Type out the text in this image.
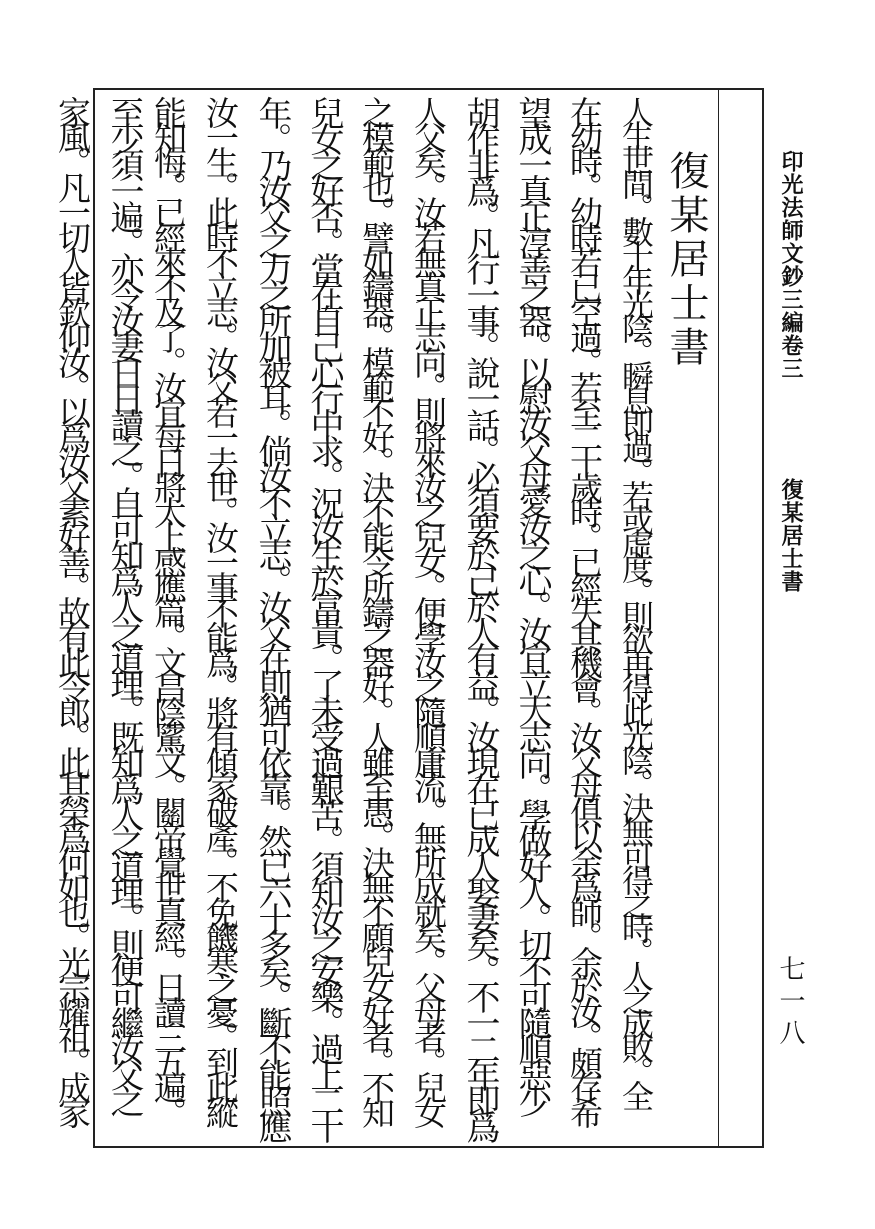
印光法師文鈔三編卷三
復某居士書
七一八
復某居士書
人生世間。數十年光陰。瞬息即過。若或虛度。則欲再得此光陰。決無可得之時。人之成敗。全
在幼時。幼時若已空過。若至二十歲時。已經失其機會。汝父母俱以余爲師。余於汝。頗存希
望成一真正淳善之器。以慰汝父母愛汝之心。汝宜立大志向。學做好人。切不可隨順惡少
胡作非爲。凡行一事。說一話。必須要於己於人有益。汝現在已成人娶妻矣。不一二年即爲
人父矣。汝若無真正志向。則將來汝之兒女。便學汝之隨順庸流。無所成就矣。父母者。兒女
之模範也。譬如鑄器。模範不好。決不能令所鑄之器好。人雖至愚。決無不願兒女好者。不知
兒女之好否。當在自己心行中求。況汝生於富貴。了未受過艱苦。須知汝之安樂。過上二十
年。乃汝父之力之所加被耳。倘汝不立志。汝父在則猶可依靠。然已六十多矣。斷不能照應
汝一生。此時不立志。汝父若一去世。汝一事不能爲。將有傾家破產。不免饑寒之憂。到此縱
能知悔。已經來不及了。汝宜每日將太上感應篇。文昌陰騭文。關帝覺世真經。日讀三五遍。
至少須一遍。亦令汝妻日日讀之。自可知爲人之道理。既知爲人之道理。則便可繼汝父之
家風。凡一切人皆欽仰汝。以爲汝父素好善。故有此令郎。此其榮爲何如也。光宗耀祖。成家
